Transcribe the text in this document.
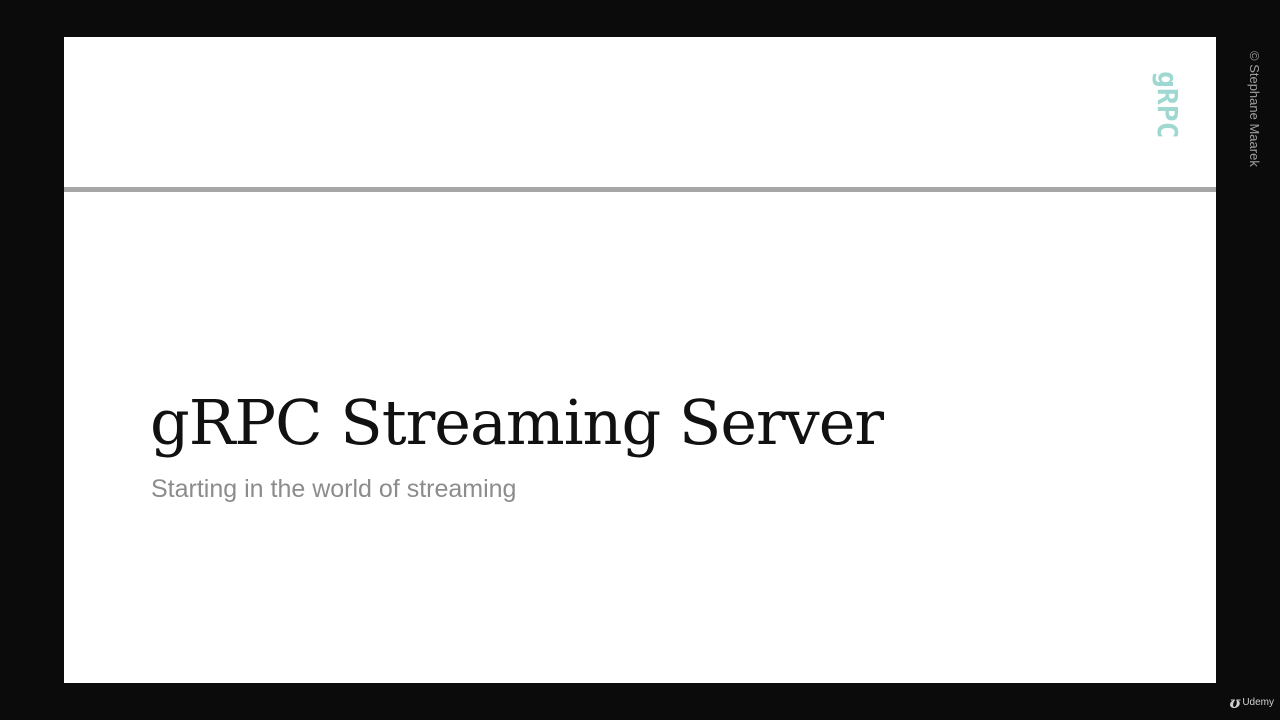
gRPC	© Stephane Maarek
gRPC Streaming Server

Starting in the world of streaming

ʊ Udemy
